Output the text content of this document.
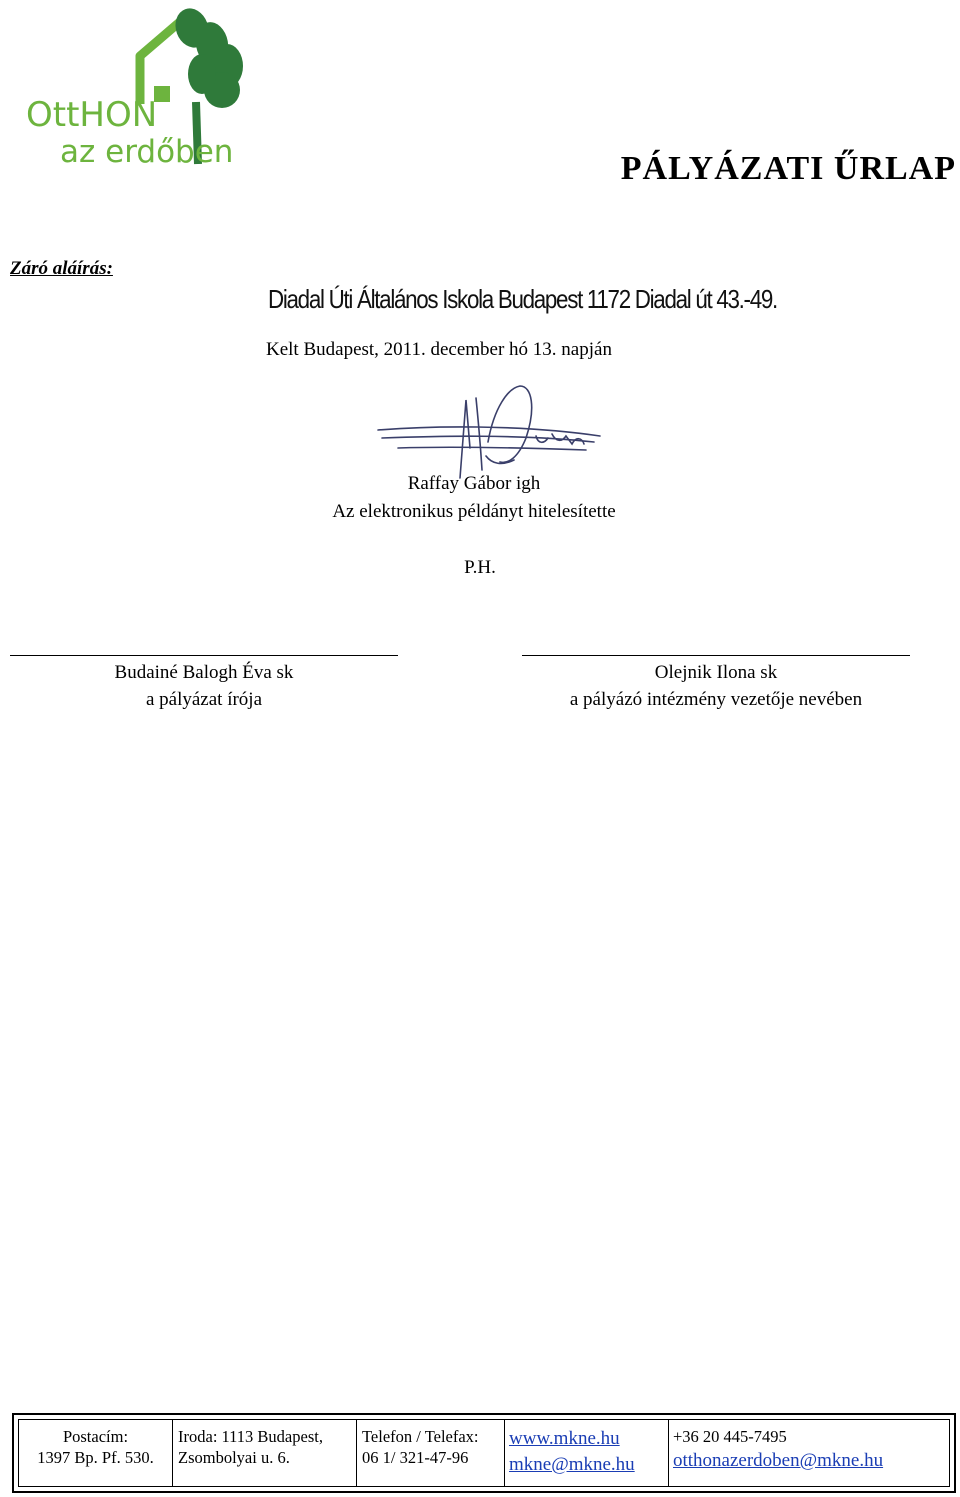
OttHON
az erdőben	PÁLYÁZATI ŰRLAP
Záró aláírás:
Diadal Úti Általános Iskola Budapest 1172 Diadal út 43.-49.
Kelt Budapest, 2011. december hó 13. napján
Raffay Gábor igh
Az elektronikus példányt hitelesítette
P.H.
Budainé Balogh Éva sk
a pályázat írója
Olejnik Ilona sk
a pályázó intézmény vezetője nevében
Postacím:
1397 Bp. Pf. 530.
Iroda: 1113 Budapest,
Zsombolyai u. 6.
Telefon / Telefax:
06 1/ 321-47-96
www.mkne.hu
mkne@mkne.hu
+36 20 445-7495
otthonazerdoben@mkne.hu
